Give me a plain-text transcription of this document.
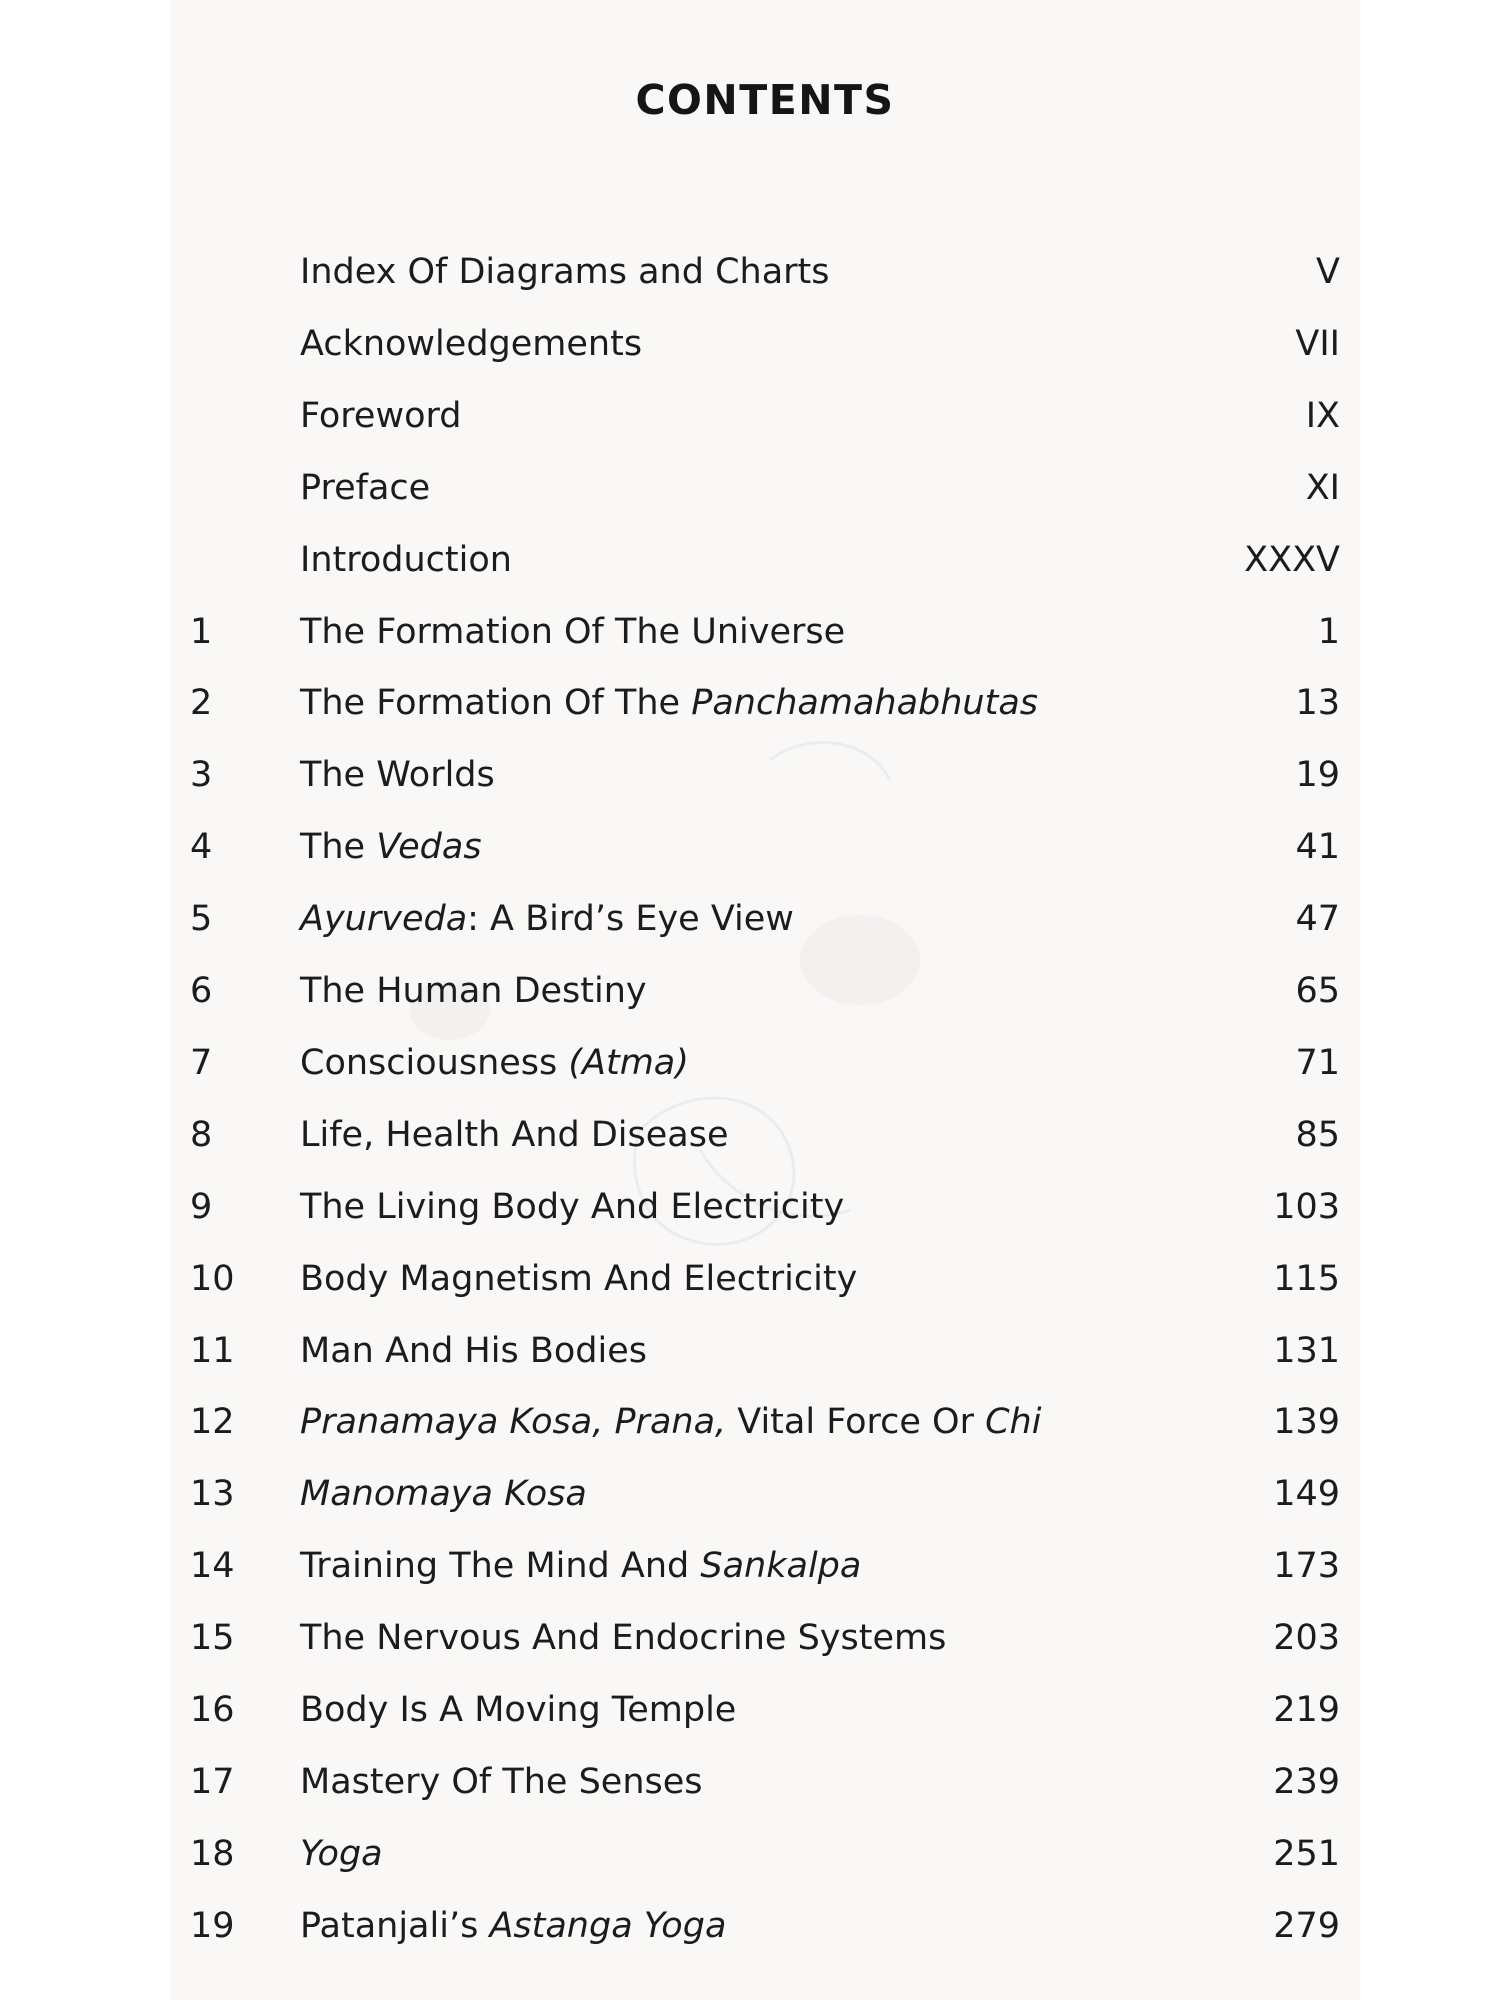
CONTENTS
Index Of Diagrams and Charts	V
Acknowledgements	VII
Foreword	IX
Preface	XI
Introduction	XXXV
1	The Formation Of The Universe	1
2	The Formation Of The Panchamahabhutas	13
3	The Worlds	19
4	The Vedas	41
5	Ayurveda: A Bird’s Eye View	47
6	The Human Destiny	65
7	Consciousness (Atma)	71
8	Life, Health And Disease	85
9	The Living Body And Electricity	103
10	Body Magnetism And Electricity	115
11	Man And His Bodies	131
12	Pranamaya Kosa, Prana, Vital Force Or Chi	139
13	Manomaya Kosa	149
14	Training The Mind And Sankalpa	173
15	The Nervous And Endocrine Systems	203
16	Body Is A Moving Temple	219
17	Mastery Of The Senses	239
18	Yoga	251
19	Patanjali’s Astanga Yoga	279
